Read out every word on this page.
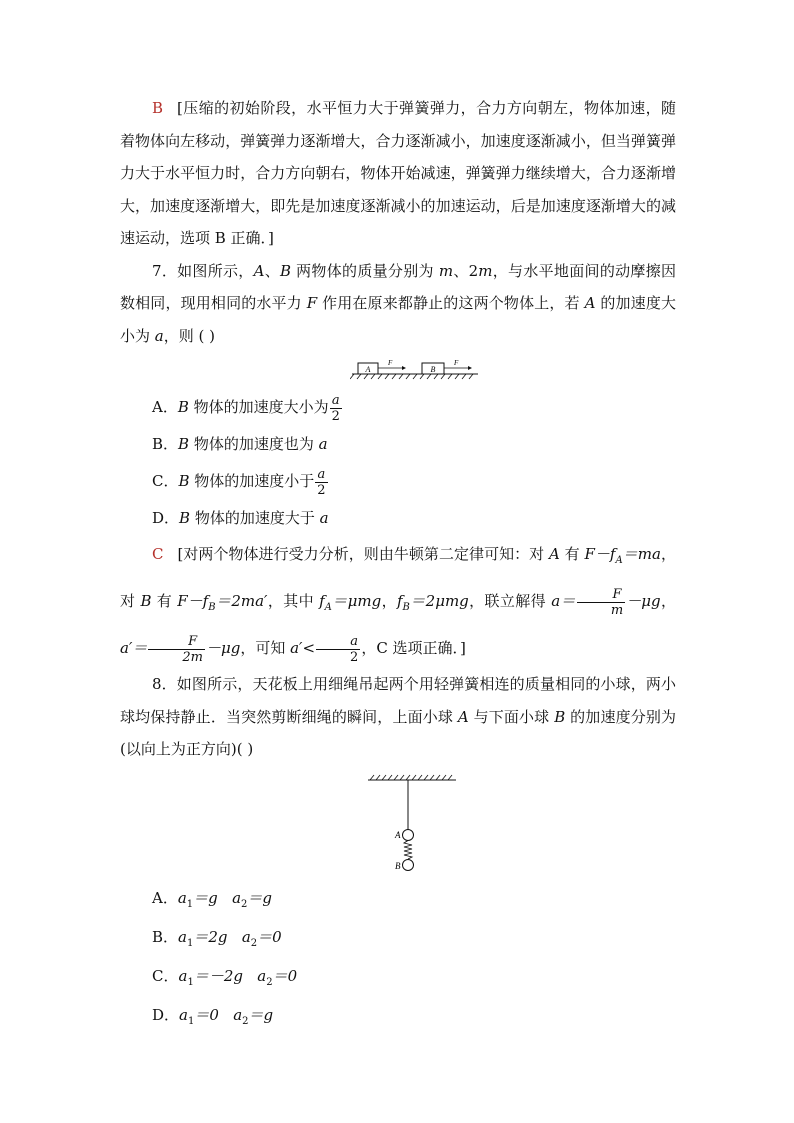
B [压缩的初始阶段，水平恒力大于弹簧弹力，合力方向朝左，物体加速，随着物体向左移动，弹簧弹力逐渐增大，合力逐渐减小，加速度逐渐减小，但当弹簧弹力大于水平恒力时，合力方向朝右，物体开始减速，弹簧弹力继续增大，合力逐渐增大，加速度逐渐增大，即先是加速度逐渐减小的加速运动，后是加速度逐渐增大的减速运动，选项 B 正确．]

7．如图所示，A、B 两物体的质量分别为 m、2m，与水平地面间的动摩擦因数相同，现用相同的水平力 F 作用在原来都静止的这两个物体上，若 A 的加速度大小为 a，则 ( )

A
F
B
F

A．B 物体的加速度大小为 $\frac{a}{2}$

B．B 物体的加速度也为 a

C．B 物体的加速度小于 $\frac{a}{2}$

D．B 物体的加速度大于 a

C [对两个物体进行受力分析，则由牛顿第二定律可知：对 A 有 $F-f_A=ma$，对 B 有 $F-f_B=2ma'$，其中 $f_A=\mu mg$，$f_B=2\mu mg$，联立解得 $a= \frac{F}{m} -\mu g$，$a'= \frac{F}{2m} -\mu g$，可知 $a'< \frac{a}{2}$ ，C 选项正确．]

8．如图所示，天花板上用细绳吊起两个用轻弹簧相连的质量相同的小球，两小球均保持静止．当突然剪断细绳的瞬间，上面小球 A 与下面小球 B 的加速度分别为(以向上为正方向)( )

A
B

A．$a_1=g$ $a_2=g$

B．$a_1=2g$ $a_2=0$

C．$a_1=-2g$ $a_2=0$

D．$a_1=0$ $a_2=g$
